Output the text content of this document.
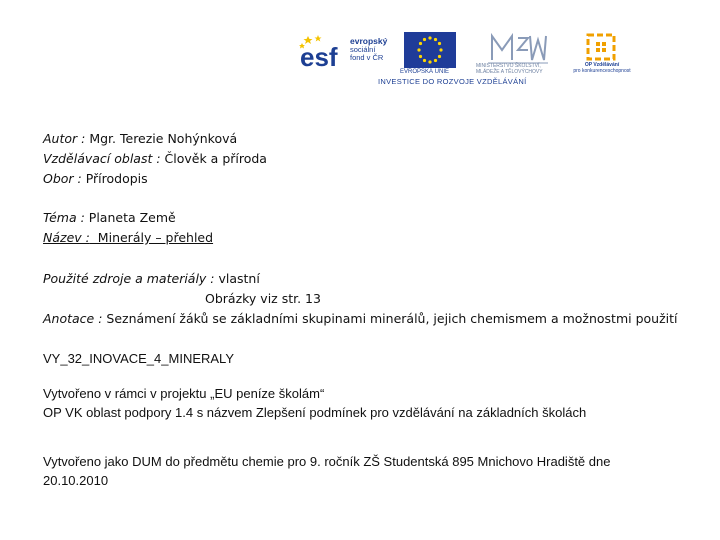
esf
evropský
sociální
fond v ČR
EVROPSKÁ UNIE
MINISTERSTVO ŠKOLSTVÍ,
MLÁDEŽE A TĚLOVÝCHOVY
OP Vzdělávání
pro konkurenceschopnost
INVESTICE DO ROZVOJE VZDĚLÁVÁNÍ
Autor : Mgr. Terezie Nohýnková
Vzdělávací oblast : Člověk a příroda
Obor : Přírodopis
Téma : Planeta Země
Název :  Minerály – přehled
Použité zdroje a materiály : vlastní
Obrázky viz str. 13
Anotace : Seznámení žáků se základními skupinami minerálů, jejich chemismem a možnostmi použití
VY_32_INOVACE_4_MINERALY
Vytvořeno v rámci v projektu „EU peníze školám“
OP VK oblast podpory 1.4 s názvem Zlepšení podmínek pro vzdělávání na základních školách
Vytvořeno jako DUM do předmětu chemie pro 9. ročník ZŠ Studentská 895 Mnichovo Hradiště dne
20.10.2010
